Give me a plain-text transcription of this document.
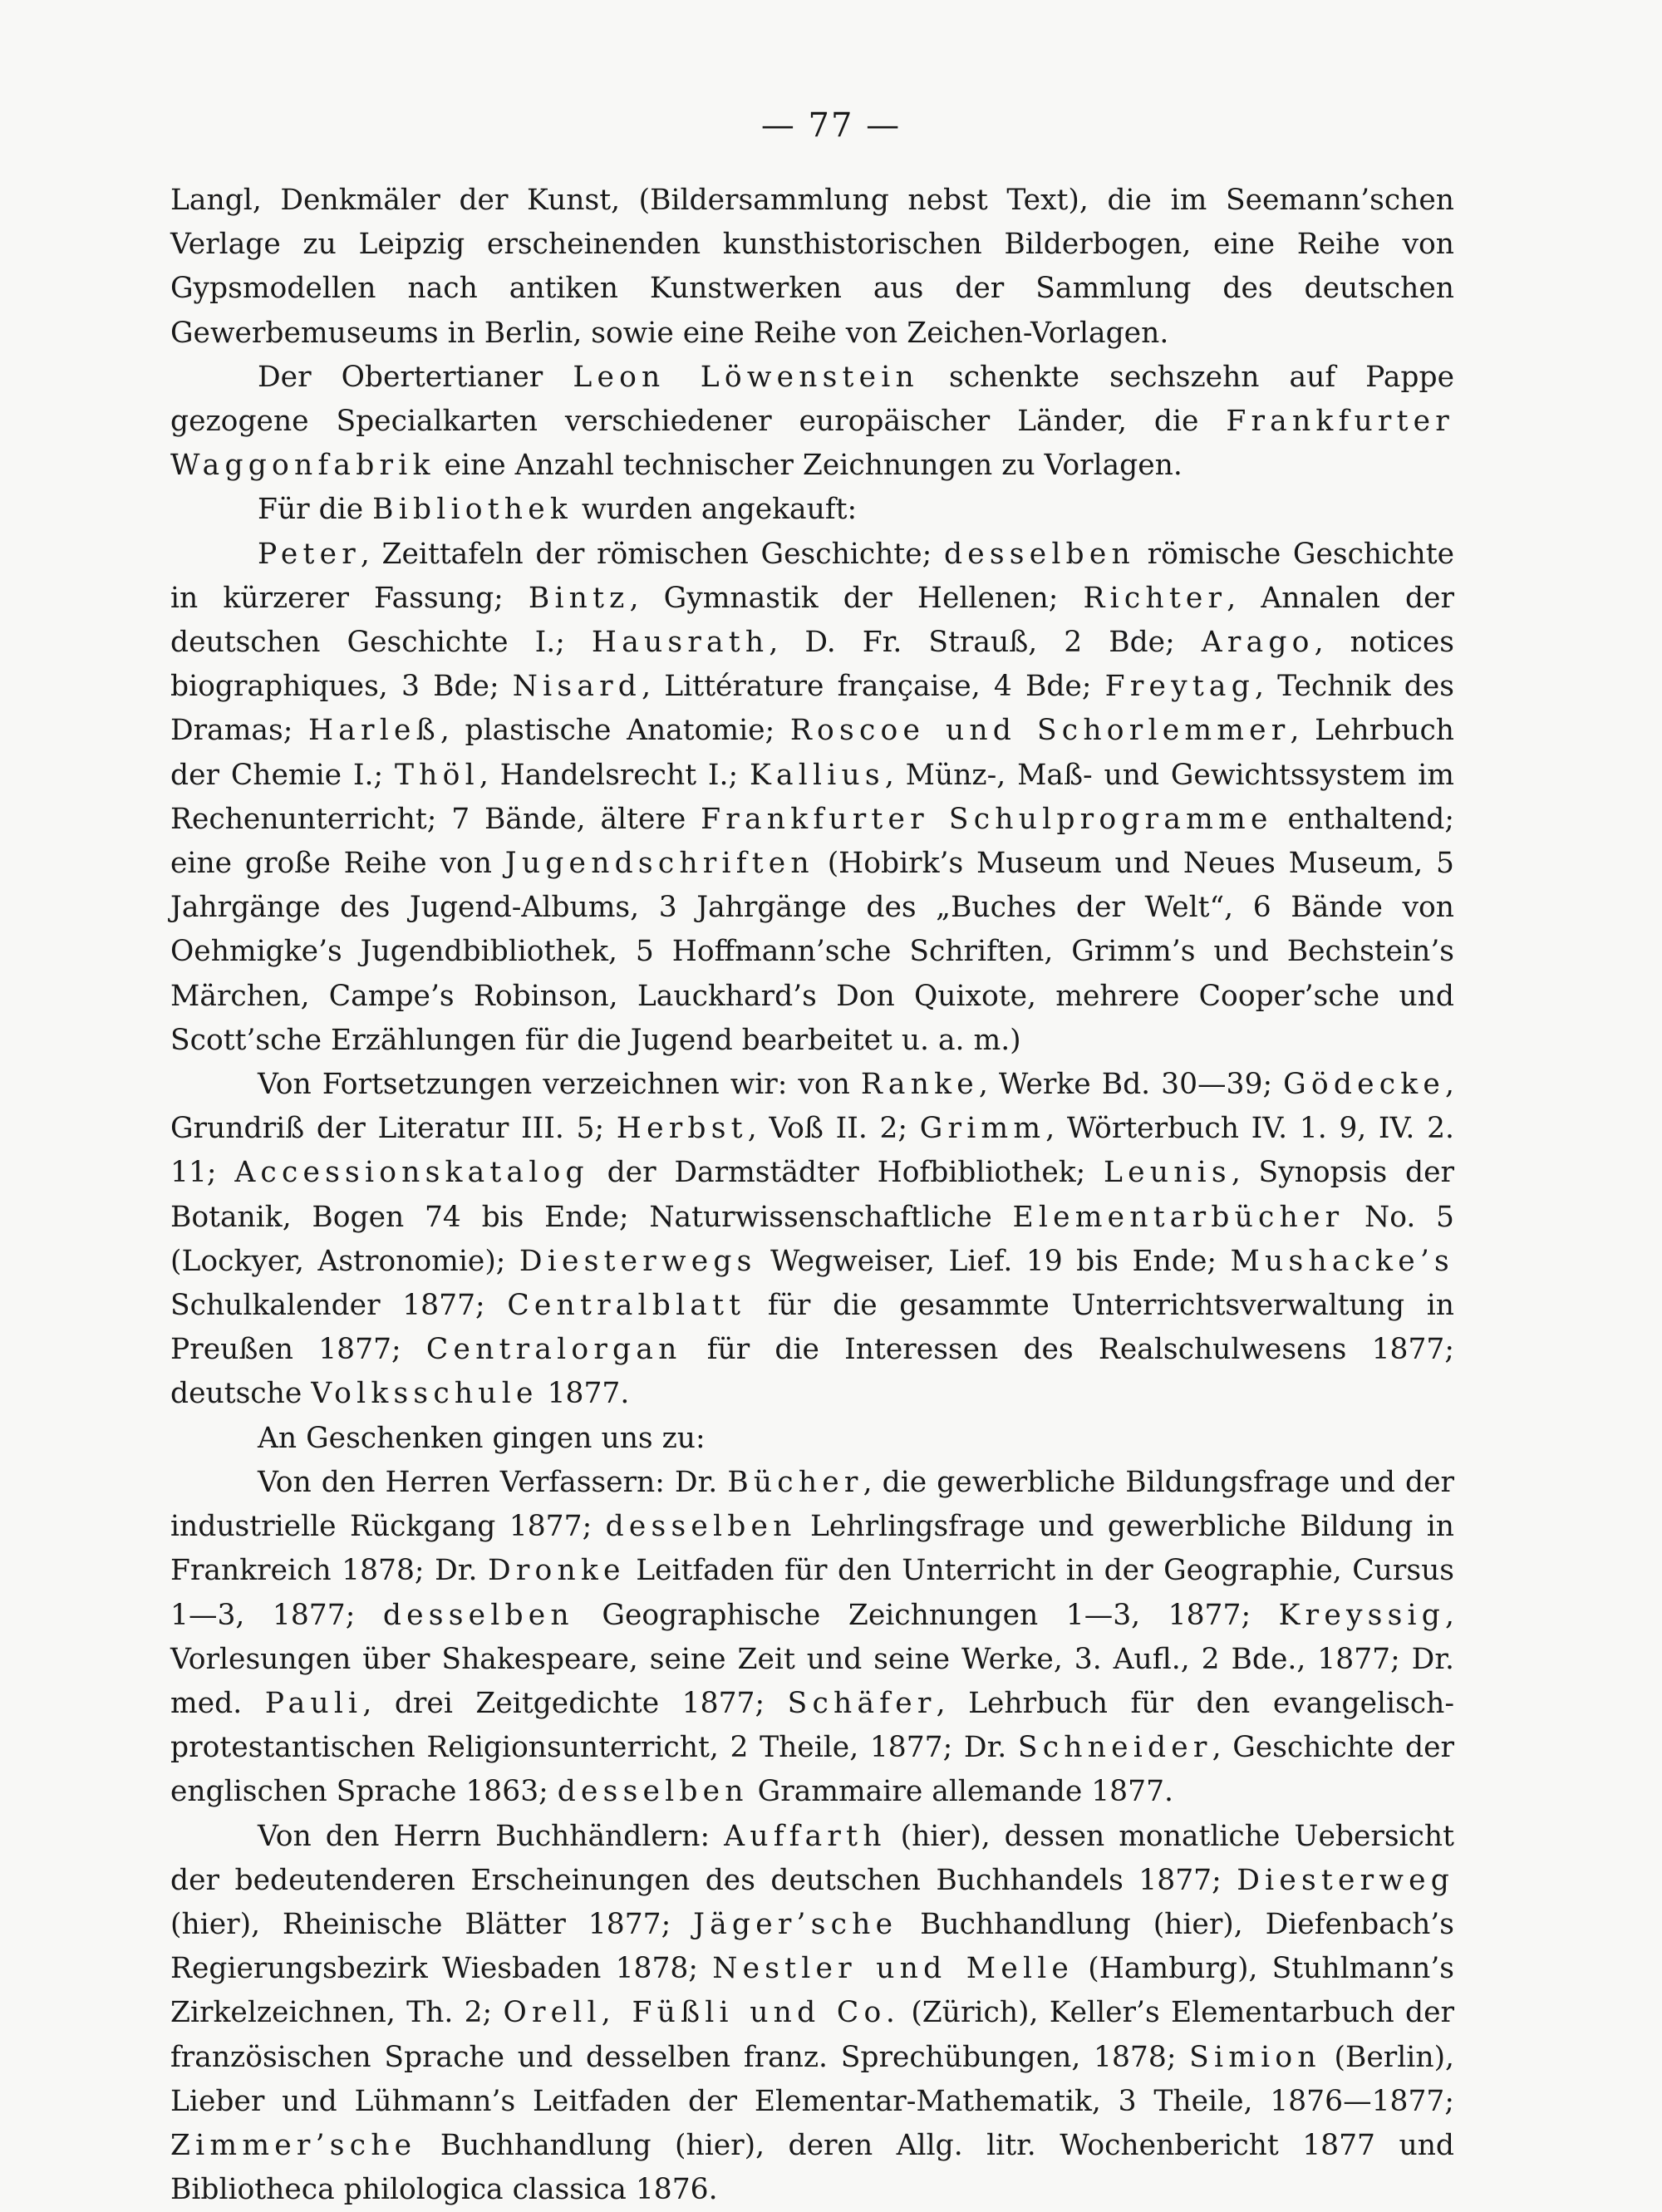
— 77 —

Langl, Denkmäler der Kunst, (Bildersammlung nebst Text), die im Seemann’schen Verlage zu Leipzig erscheinenden kunsthistorischen Bilderbogen, eine Reihe von Gypsmodellen nach antiken Kunstwerken aus der Sammlung des deutschen Gewerbemuseums in Berlin, sowie eine Reihe von Zeichen-Vorlagen.

Der Obertertianer Leon Löwenstein schenkte sechszehn auf Pappe gezogene Specialkarten verschiedener europäischer Länder, die Frankfurter Waggonfabrik eine Anzahl technischer Zeichnungen zu Vorlagen.

Für die Bibliothek wurden angekauft:

Peter, Zeittafeln der römischen Geschichte; desselben römische Geschichte in kürzerer Fassung; Bintz, Gymnastik der Hellenen; Richter, Annalen der deutschen Geschichte I.; Hausrath, D. Fr. Strauß, 2 Bde; Arago, notices biographiques, 3 Bde; Nisard, Littérature française, 4 Bde; Freytag, Technik des Dramas; Harleß, plastische Anatomie; Roscoe und Schorlemmer, Lehrbuch der Chemie I.; Thöl, Handelsrecht I.; Kallius, Münz-, Maß- und Gewichtssystem im Rechenunterricht; 7 Bände, ältere Frankfurter Schulprogramme enthaltend; eine große Reihe von Jugendschriften (Hobirk’s Museum und Neues Museum, 5 Jahrgänge des Jugend-Albums, 3 Jahrgänge des „Buches der Welt“, 6 Bände von Oehmigke’s Jugendbibliothek, 5 Hoffmann’sche Schriften, Grimm’s und Bechstein’s Märchen, Campe’s Robinson, Lauckhard’s Don Quixote, mehrere Cooper’sche und Scott’sche Erzählungen für die Jugend bearbeitet u. a. m.)

Von Fortsetzungen verzeichnen wir: von Ranke, Werke Bd. 30—39; Gödecke, Grundriß der Literatur III. 5; Herbst, Voß II. 2; Grimm, Wörterbuch IV. 1. 9, IV. 2. 11; Accessionskatalog der Darmstädter Hofbibliothek; Leunis, Synopsis der Botanik, Bogen 74 bis Ende; Naturwissenschaftliche Elementarbücher No. 5 (Lockyer, Astronomie); Diesterwegs Wegweiser, Lief. 19 bis Ende; Mushacke’s Schulkalender 1877; Centralblatt für die gesammte Unterrichtsverwaltung in Preußen 1877; Centralorgan für die Interessen des Realschulwesens 1877; deutsche Volksschule 1877.

An Geschenken gingen uns zu:

Von den Herren Verfassern: Dr. Bücher, die gewerbliche Bildungsfrage und der industrielle Rückgang 1877; desselben Lehrlingsfrage und gewerbliche Bildung in Frankreich 1878; Dr. Dronke Leitfaden für den Unterricht in der Geographie, Cursus 1—3, 1877; desselben Geographische Zeichnungen 1—3, 1877; Kreyssig, Vorlesungen über Shakespeare, seine Zeit und seine Werke, 3. Aufl., 2 Bde., 1877; Dr. med. Pauli, drei Zeitgedichte 1877; Schäfer, Lehrbuch für den evangelisch-protestantischen Religionsunterricht, 2 Theile, 1877; Dr. Schneider, Geschichte der englischen Sprache 1863; desselben Grammaire allemande 1877.

Von den Herrn Buchhändlern: Auffarth (hier), dessen monatliche Uebersicht der bedeutenderen Erscheinungen des deutschen Buchhandels 1877; Diesterweg (hier), Rheinische Blätter 1877; Jäger’sche Buchhandlung (hier), Diefenbach’s Regierungsbezirk Wiesbaden 1878; Nestler und Melle (Hamburg), Stuhlmann’s Zirkelzeichnen, Th. 2; Orell, Füßli und Co. (Zürich), Keller’s Elementarbuch der französischen Sprache und desselben franz. Sprechübungen, 1878; Simion (Berlin), Lieber und Lühmann’s Leitfaden der Elementar-Mathematik, 3 Theile, 1876—1877; Zimmer’sche Buchhandlung (hier), deren Allg. litr. Wochenbericht 1877 und Bibliotheca philologica classica 1876.
